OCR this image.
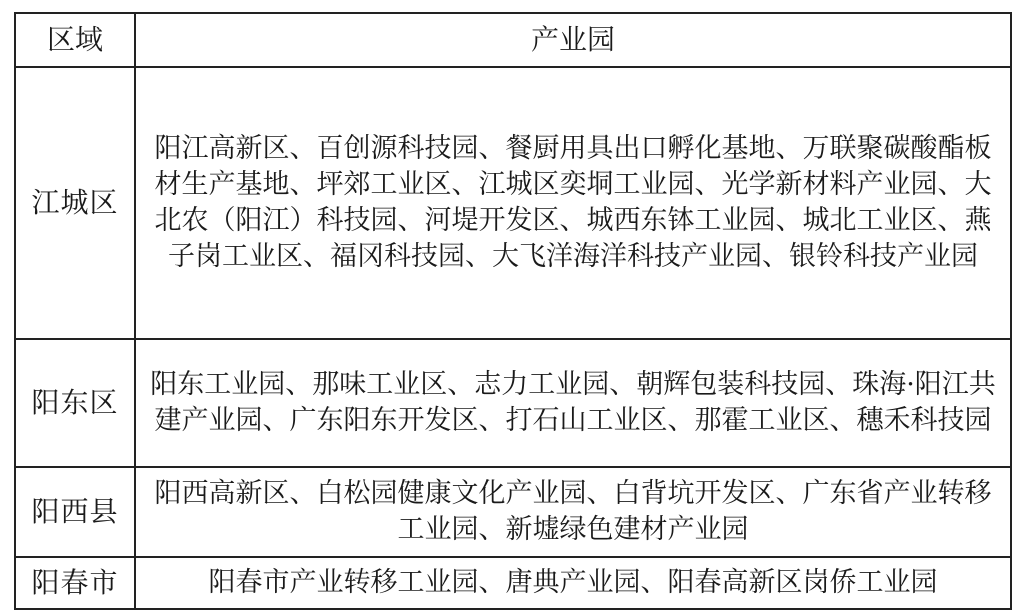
区域	产业园
江城区	阳江高新区、百创源科技园、餐厨用具出口孵化基地、万联聚碳酸酯板材生产基地、坪郊工业区、江城区奕垌工业园、光学新材料产业园、大北农（阳江）科技园、河堤开发区、城西东钵工业园、城北工业区、燕子岗工业区、福冈科技园、大飞洋海洋科技产业园、银铃科技产业园
阳东区	阳东工业园、那味工业区、志力工业园、朝辉包装科技园、珠海·阳江共建产业园、广东阳东开发区、打石山工业区、那霍工业区、穗禾科技园
阳西县	阳西高新区、白松园健康文化产业园、白背坑开发区、广东省产业转移工业园、新墟绿色建材产业园
阳春市	阳春市产业转移工业园、唐典产业园、阳春高新区岗侨工业园
